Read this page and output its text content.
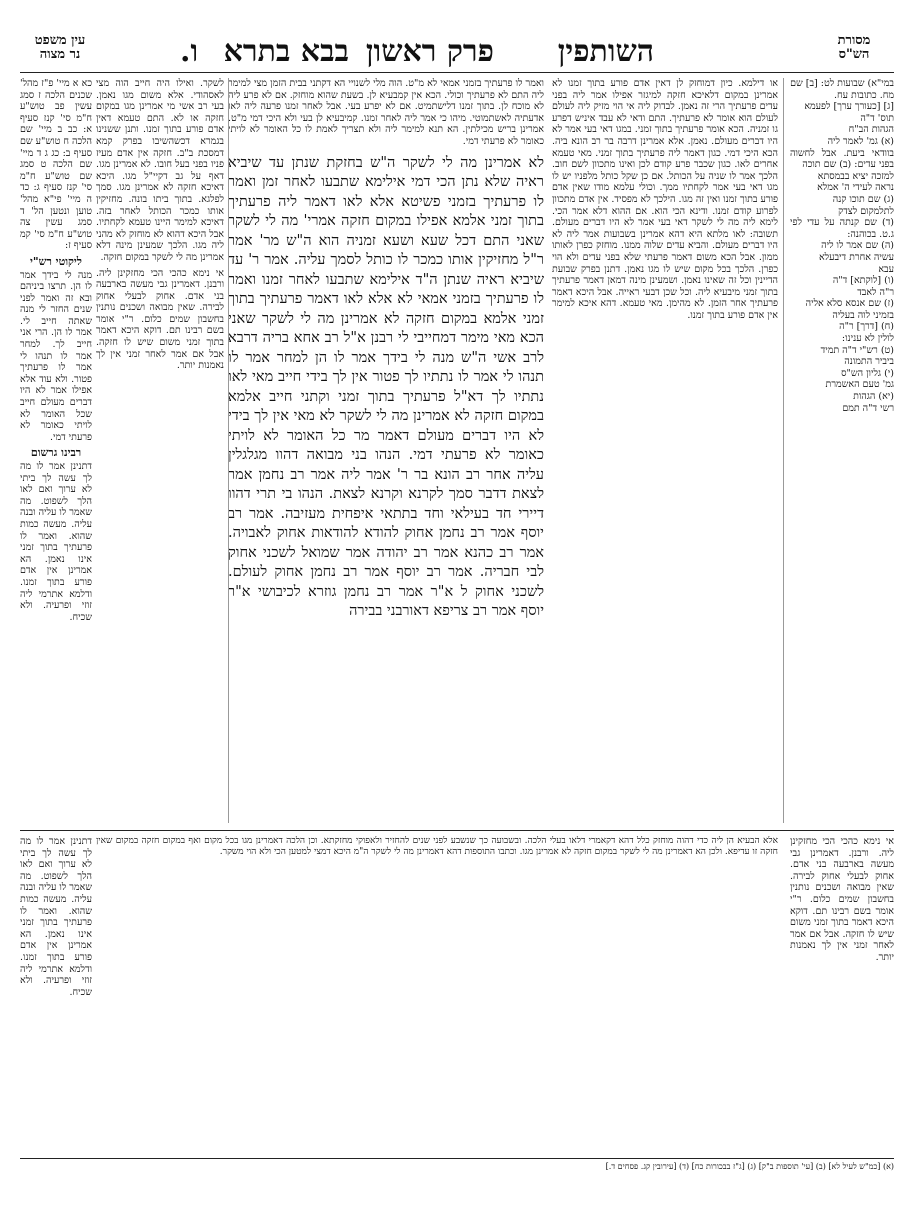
מסורת
הש"ס
השותפין
פרק ראשון
בבא בתרא
ו.
עין משפט
נר מצוה
במי"א) שבועות לט: [ב] שם
מח. כתובות עח.
[ג] [כעורך ערך] לפעמא
תוס' ד"ה
הגהות הב"ח
(א) גמ' לאמר ליה
בוודאי ביעת. אבל לחשוה בפני עדים: (ב) שם תוכה
למזכה יציא בבמסתא
נראה לעידי ה' אמלא
(ג) שם תוכו קנה
לתלמקום לצדק
(ד) שם קנתה על עדי לפי ג.ט. בכוהנה:
(ה) שם אמר לו ליה
עשיה אחרת דיבעלא
עבא
(ו) [לוקתא] ד"ה
ר"ה לאבד
(ז) שם אנסא סלא אליה
בזמיני לוה בעליה
(ח) [דרך] ר"ה
לולין לא ענינו:
(ט) רש"י ד"ה תמיד
ביביר התמונה
(י) גליון הש"ס
גמ' טעם האשמרת
(יא) הגהות
רשי ד"ה תמם
או דילמא. כיון דמוחזק לן דאין אדם פורע בתוך זמנו לא אמרינן במקום דלאיכא חזקה למיגזר אפילו אמר ליה בפני עדים פרעתיך הרי זה נאמן. לבדוק ליה אי הוי מזיק ליה לעולם לעולם הוא אומר לא פרעתיך. התם ודאי לא עבד איניש דפרע גו זמניה. הכא אומר פרעתיך בתוך זמני. במגו דאי בעי אמר לא היו דברים מעולם. נאמן. אלא אמרינן דרבה בר רב הונא ביה. הכא היכי דמי. כגון דאמר ליה פרעתיך בתוך זמני. מאי טעמא אחרים לאו. כגון שכבר פרע קודם לכן ואינו מתכוון לשם חוב. הלכך אמר לו שניה על הכותל. אם כן שקל כותל מלפניו יש לו מגו דאי בעי אמר לקחתיו ממך. וכולי עלמא מודו שאין אדם פורע בתוך זמנו ואין זה מגו. הילכך לא מפסיד. אין אדם מתכוון לפרוע קודם זמנו. ודינא הכי הוא. אם ההוא דלא אמר הכי. לימא ליה מה לי לשקר דאי בעי אמר לא היו דברים מעולם. תשובה: לאו מלתא היא דהא אמרינן בשבועות אמר ליה לא היו דברים מעולם. והביא עדים שלוה ממנו. מוחזק כפרן לאותו ממון. אבל הכא משום דאמר פרעתי שלא בפני עדים ולא הוי כפרן. הלכך בכל מקום שיש לו מגו נאמן. דתנן בפרק שבועת הדיינין וכל זה שאינו נאמן. ושמעינן מינה דמאן דאמר פרעתיך בתוך זמני מיבעיא ליה. וכל שכן דבעי ראייה. אבל היכא דאמר פרעתיך אחר הזמן. לא מהימן. מאי טעמא. דהא איכא למימר אין אדם פורע בתוך זמנו.
ואמר לו פרעתיך בזמני אמאי לא מ"ט. הוה מלי לשנויי הא דקתני בבית הזמן מצי למימר ליה התם לא פרעתיך וכולי. הכא אין קמבעיא לן. בשעת שהוא מוחזק. אם לא פרע ליה לא מוכח לן. בתוך זמנו דלישתמיט. אם לא יפרע בעי. אבל לאחר זמנו פרעה ליה לאו אדעתיה לאשתמוטי. מיהו כי אמר ליה לאחר זמנו. קמיבעיא לן בעי ולא היכי דמי מ"ט. אמרינן בריש מכילתין. הא תנא למימר ליה ולא תצריך לאמת לו כל האומר לא לויתי כאומר לא פרעתי דמי.
לא אמרינן מה לי לשקר ה"ש בחזקת שנתן עד שיביא ראיה שלא נתן הכי דמי אילימא שתבעו לאחר זמן ואמר לו פרעתיך בזמני פשיטא אלא לאו דאמר ליה פרעתיך בתוך זמני אלמא אפילו במקום חזקה אמרי' מה לי לשקר שאני התם דכל שעא ושעא זמניה הוא ה"ש מר' אמר ר"ל מחזיקין אותו כמכר לו כותל לסמך עליה. אמר ר' עד שיביא ראיה שנתן ה"ד אילימא שתבעו לאחר זמנו ואמר לו פרעתיך בזמני אמאי לא אלא לאו דאמר פרעתיך בתוך זמני אלמא במקום חזקה לא אמרינן מה לי לשקר שאני הכא מאי מימר דמחייבי לי רבנן א"ל רב אחא בריה דרבא לרב אשי ה"ש מנה לי בידך אמר לו הן למחר אמר לו תנהו לי אמר לו נתתיו לך פטור אין לך בידי חייב מאי לאו נתתיו לך דא"ל פרעתיך בתוך זמני וקתני חייב אלמא במקום חזקה לא אמרינן מה לי לשקר לא מאי אין לך בידי לא היו דברים מעולם דאמר מר כל האומר לא לויתי כאומר לא פרעתי דמי. הנהו בני מבואה דהוו מגלגלין עליה אחר רב הונא בר ר' אמר ליה אמר רב נחמן אמר לצאת דדבר סמך לקרנא וקרנא לצאת. הנהו בי תרי דהוו דיירי חד בעילאי וחד בתתאי איפחית מעזיבה. אמר רב יוסף אמר רב נחמן אחוק להודא להודאות אחוק לאבויה. אמר רב כהנא אמר רב יהודה אמר שמואל לשכני אחוק לבי חבריה. אמר רב יוסף אמר רב נחמן אחוק לעולם. לשכני אחוק ל א"ר אמר רב נחמן גוזרא לכיבושי א"ר יוסף אמר רב צריפא דאורבני בבירה

לשקר. ואילו היה חייב הוה מצי לאסהודי. אלא משום מגו נאמן. בעי רב אשי מי אמרינן מגו במקום חזקה או לא. התם טעמא דאין אדם פורע בתוך זמנו. ותנן ששנינו בגמרא דכשהשיבו בפרק קמא דמסכת ב"ב. חזקה אין אדם מעיז פניו בפני בעל חובו. לא אמרינן מגו. דאף על גב דקיי"ל מגו. היכא דאיכא חזקה לא אמרינן מגו. סמך לפלגא. בתוך ביתו בונה. מחזיקין אותו כמכר הכותל לאחר בזה. דאיכא למימר היינו טעמא לקחתיו. אבל היכא דהוא לא מוחזק לא מהני ליה מגו. הלכך שמעינן מינה דלא אמרינן מה לי לשקר במקום חזקה.

אי נימא כהכי הכי מחזקינן ליה. ורבנן. דאמרינן גבי מעשה בארבעה בני אדם. אחוק לבעלי אחוק לבירה. שאין מבואה ושכנים נותנין בחשבון שמים כלום. ר"י אומר בשם רבינו תם. דוקא היכא דאמר בתוך זמני משום שיש לו חזקה. אבל אם אמר לאחר זמני אין לך נאמנות יותר.

כא א מיי' פ"ז מהל' שכנים הלכה ז סמג עשין פב טוש"ע ח"מ סי' קנז סעיף א: כב ב מיי' שם הלכה ח טוש"ע שם סעיף ב: כג ג ד מיי' שם הלכה ט סמג שם טוש"ע ח"מ סי' קנז סעיף ג: כד ה מיי' פי"א מהל' טוען ונטען הל' ד סמג עשין צה טוש"ע ח"מ סי' קמ סעיף ז:

ליקוטי רש"י

מנה לי בידך אמר לו הן. תרצו ביניהם ובא זה ואמר לפני שנים החזר לי מנה שאתה חייב לי. אמר לו הן. הרי אני חייב לך. למחר אמר לו תנהו לי אמר לו פרעתיך פטור. ולא עוד אלא אפילו אמר לא היו דברים מעולם חייב שכל האומר לא לויתי כאומר לא פרעתי דמי.

רבינו גרשום

דתנינן אמר לו מה לך עשה לך ביתי לא ערוך ואם לאו הלך לשפוט. מה שאמר לו עליה ובנה עליה. מעשה כמות שהוא. ואמר לו פרעתיך בתוך זמני אינו נאמן. הא אמרינן אין אדם פורע בתוך זמנו. ודלמא אתרמי ליה זוזי ופרעיה. ולא שכיח.

אלא הבעיא הן ליה כדי דהוה מוחזק כלל דהא דקאמרי דלאו בעלי הלכה. ובשבועה כך שנשבע לפני שנים להחזיר ולאפוקי מחזקתא. וכן הלכה דאמרינן מגו בכל מקום ואף במקום חזקה במקום שאין חזקה זו עדיפא. ולכן הא דאמרינן מה לי לשקר במקום חזקה לא אמרינן מגו. וכתבו התוספות דהא דאמרינן מה לי לשקר ה"מ היכא דמצי למטען הכי ולא הוי משקר.
אי נימא כהכי הכי מחזקינן ליה. ורבנן. דאמרינן גבי מעשה בארבעה בני אדם. אחוק לבעלי אחוק לבירה. שאין מבואה ושכנים נותנין בחשבון שמים כלום. ר"י אומר בשם רבינו תם. דוקא היכא דאמר בתוך זמני משום שיש לו חזקה. אבל אם אמר לאחר זמני אין לך נאמנות יותר.
דתנינן אמר לו מה לך עשה לך ביתי לא ערוך ואם לאו הלך לשפוט. מה שאמר לו עליה ובנה עליה. מעשה כמות שהוא. ואמר לו פרעתיך בתוך זמני אינו נאמן. הא אמרינן אין אדם פורע בתוך זמנו. ודלמא אתרמי ליה זוזי ופרעיה. ולא שכיח.
(א) [כמ"ש לעיל לא] (ב) [עי' תוספות ב"ק] (ג) [ג"ז בבכורות כח] (ד) [עירובין קג. פסחים ד.]
